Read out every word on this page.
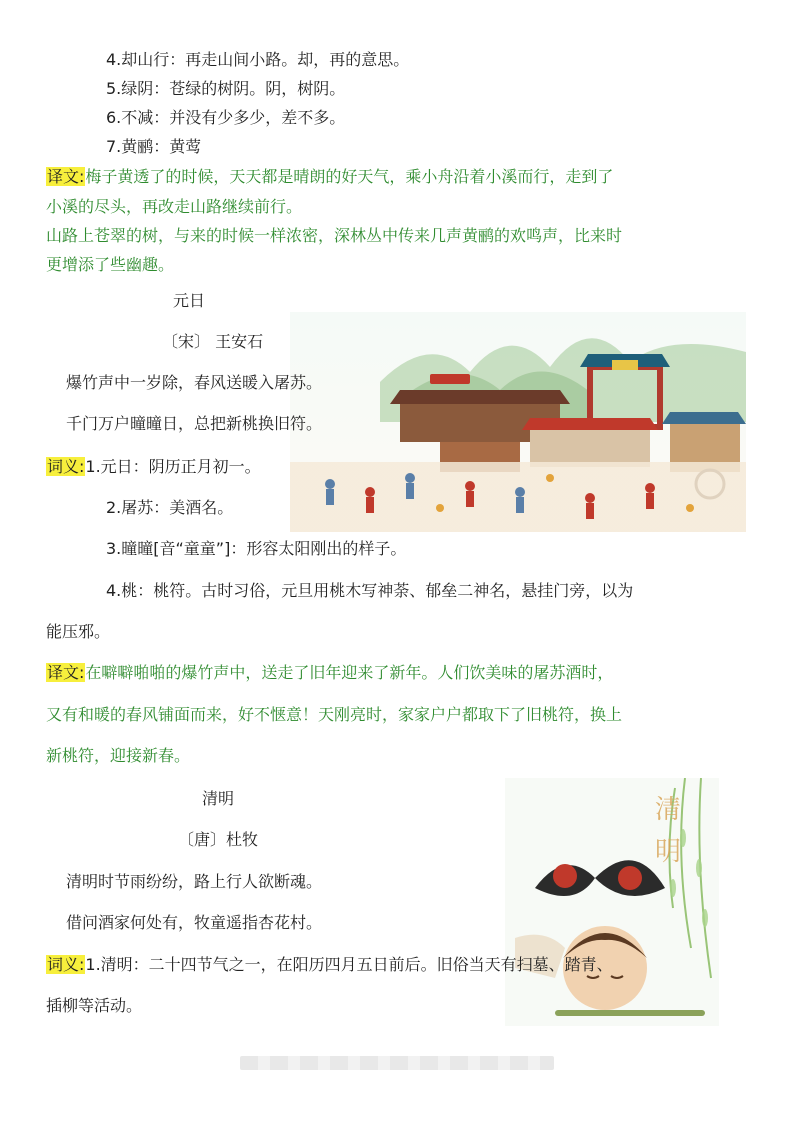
清
明
4.却山行：再走山间小路。却，再的意思。
5.绿阴：苍绿的树阴。阴，树阴。
6.不减：并没有少多少，差不多。
7.黄鹂：黄莺
译文:梅子黄透了的时候，天天都是晴朗的好天气，乘小舟沿着小溪而行，走到了
小溪的尽头，再改走山路继续前行。
山路上苍翠的树，与来的时候一样浓密，深林丛中传来几声黄鹂的欢鸣声，比来时
更增添了些幽趣。
元日
〔宋〕 王安石
爆竹声中一岁除，春风送暖入屠苏。
千门万户曈曈日，总把新桃换旧符。
词义:1.元日：阴历正月初一。
2.屠苏：美酒名。
3.曈曈[音“童童”]：形容太阳刚出的样子。
4.桃：桃符。古时习俗，元旦用桃木写神荼、郁垒二神名，悬挂门旁，以为
能压邪。
译文:在噼噼啪啪的爆竹声中，送走了旧年迎来了新年。人们饮美味的屠苏酒时，
又有和暖的春风铺面而来，好不惬意！天刚亮时，家家户户都取下了旧桃符，换上
新桃符，迎接新春。
清明
〔唐〕杜牧
清明时节雨纷纷，路上行人欲断魂。
借问酒家何处有，牧童遥指杏花村。
词义:1.清明：二十四节气之一，在阳历四月五日前后。旧俗当天有扫墓、踏青、
插柳等活动。
